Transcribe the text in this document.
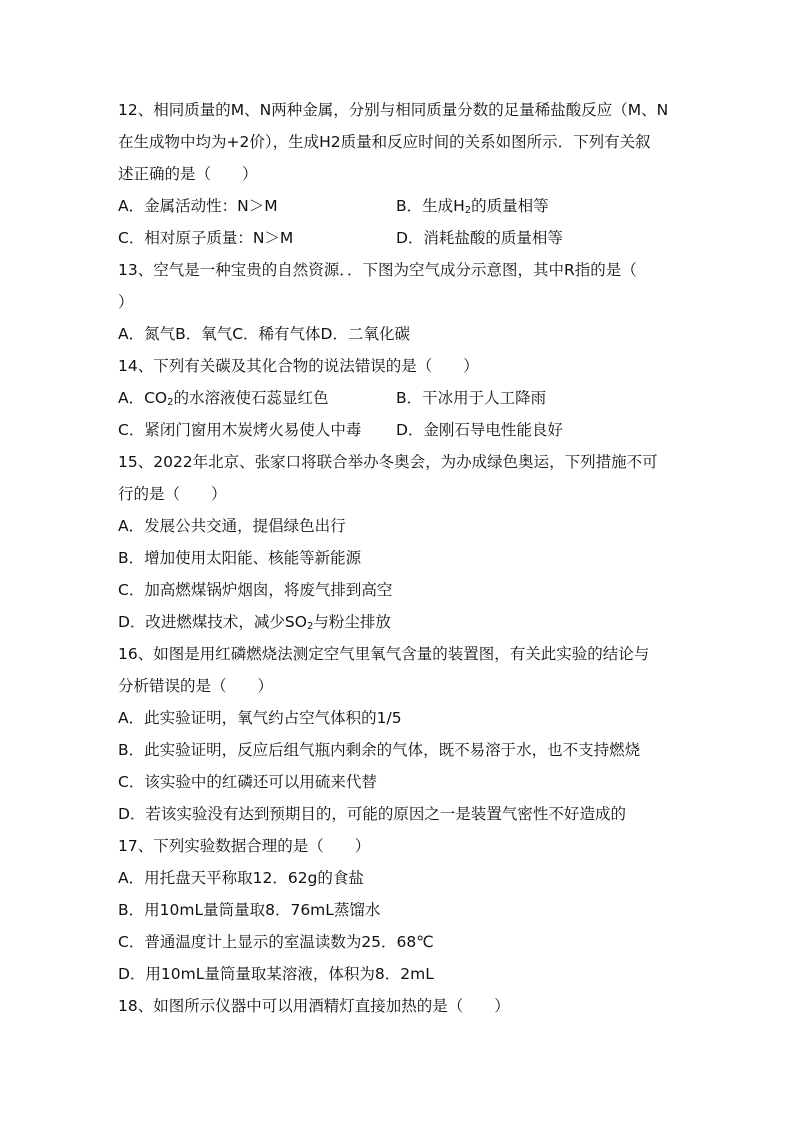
12、相同质量的M、N两种金属，分别与相同质量分数的足量稀盐酸反应（M、N
在生成物中均为+2价），生成H2质量和反应时间的关系如图所示．下列有关叙
述正确的是（　　）
A．金属活动性：N＞M	B．生成$H_2$的质量相等
C．相对原子质量：N＞M	D．消耗盐酸的质量相等
13、空气是一种宝贵的自然资源．．下图为空气成分示意图，其中R指的是（
）
A．氮气B．氧气C．稀有气体D．二氧化碳
14、下列有关碳及其化合物的说法错误的是（　　）
A．$CO_2$的水溶液使石蕊显红色	B．干冰用于人工降雨
C．紧闭门窗用木炭烤火易使人中毒 D．金刚石导电性能良好
15、2022年北京、张家口将联合举办冬奥会，为办成绿色奥运，下列措施不可
行的是（　　）
A．发展公共交通，提倡绿色出行
B．增加使用太阳能、核能等新能源
C．加高燃煤锅炉烟囱，将废气排到高空
D．改进燃煤技术，减少$SO_2$与粉尘排放
16、如图是用红磷燃烧法测定空气里氧气含量的装置图，有关此实验的结论与
分析错误的是（　　）
A．此实验证明，氧气约占空气体积的1/5
B．此实验证明，反应后组气瓶内剩余的气体，既不易溶于水，也不支持燃烧
C．该实验中的红磷还可以用硫来代替
D．若该实验没有达到预期目的，可能的原因之一是装置气密性不好造成的
17、下列实验数据合理的是（　　）
A．用托盘天平称取12．62g的食盐
B．用10mL量筒量取8．76mL蒸馏水
C．普通温度计上显示的室温读数为25．68℃
D．用10mL量筒量取某溶液，体积为8．2mL
18、如图所示仪器中可以用酒精灯直接加热的是（　　）
